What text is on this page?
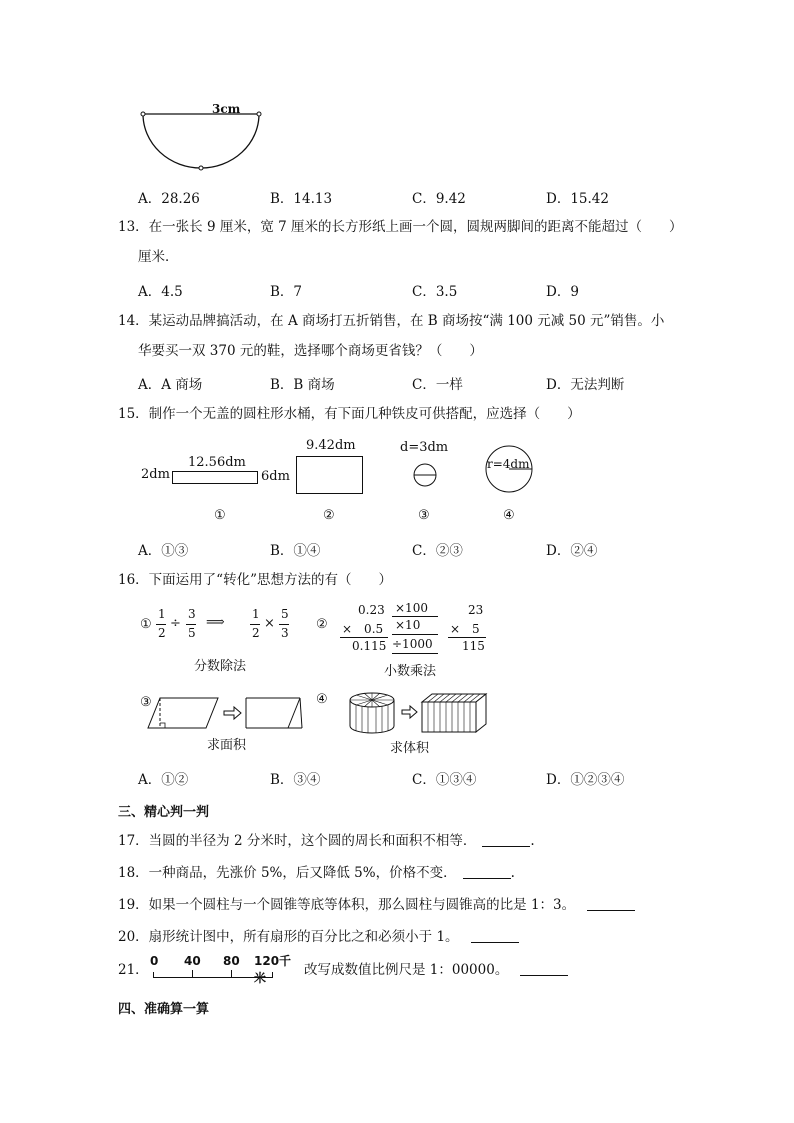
3cm
A．28.26	B．14.13	C．9.42	D．15.42
13．在一张长 9 厘米，宽 7 厘米的长方形纸上画一个圆，圆规两脚间的距离不能超过（　　）
厘米．
A．4.5	B．7	C．3.5	D．9
14．某运动品牌搞活动，在 A 商场打五折销售，在 B 商场按“满 100 元减 50 元”销售。小
华要买一双 370 元的鞋，选择哪个商场更省钱？（　　）
A．A 商场	B．B 商场	C．一样	D．无法判断
15．制作一个无盖的圆柱形水桶，有下面几种铁皮可供搭配，应选择（　　）
2dm
12.56dm
6dm
9.42dm	d=3dm
r=4dm
①	②	③	④
A．①③	B．①④	C．②③	D．②④
16．下面运用了“转化”思想方法的有（　　）
①
1
2
÷
3
5
⟹
1
2
×
5
3
分数除法
②
0.23
×　0.5
0.115
×100
×10
÷1000
23
×　5
115
小数乘法
③
求面积
④
求体积
A．①②	B．③④	C．①③④	D．①②③④
三、精心判一判
17．当圆的半径为 2 分米时，这个圆的周长和面积不相等．	.
18．一种商品，先涨价 5%，后又降低 5%，价格不变．	.
19．如果一个圆柱与一个圆锥等底等体积，那么圆柱与圆锥高的比是 1：3。
20．扇形统计图中，所有扇形的百分比之和必须小于 1。
21．
0 40 80 120千米	改写成数值比例尺是 1：00000。
四、准确算一算
